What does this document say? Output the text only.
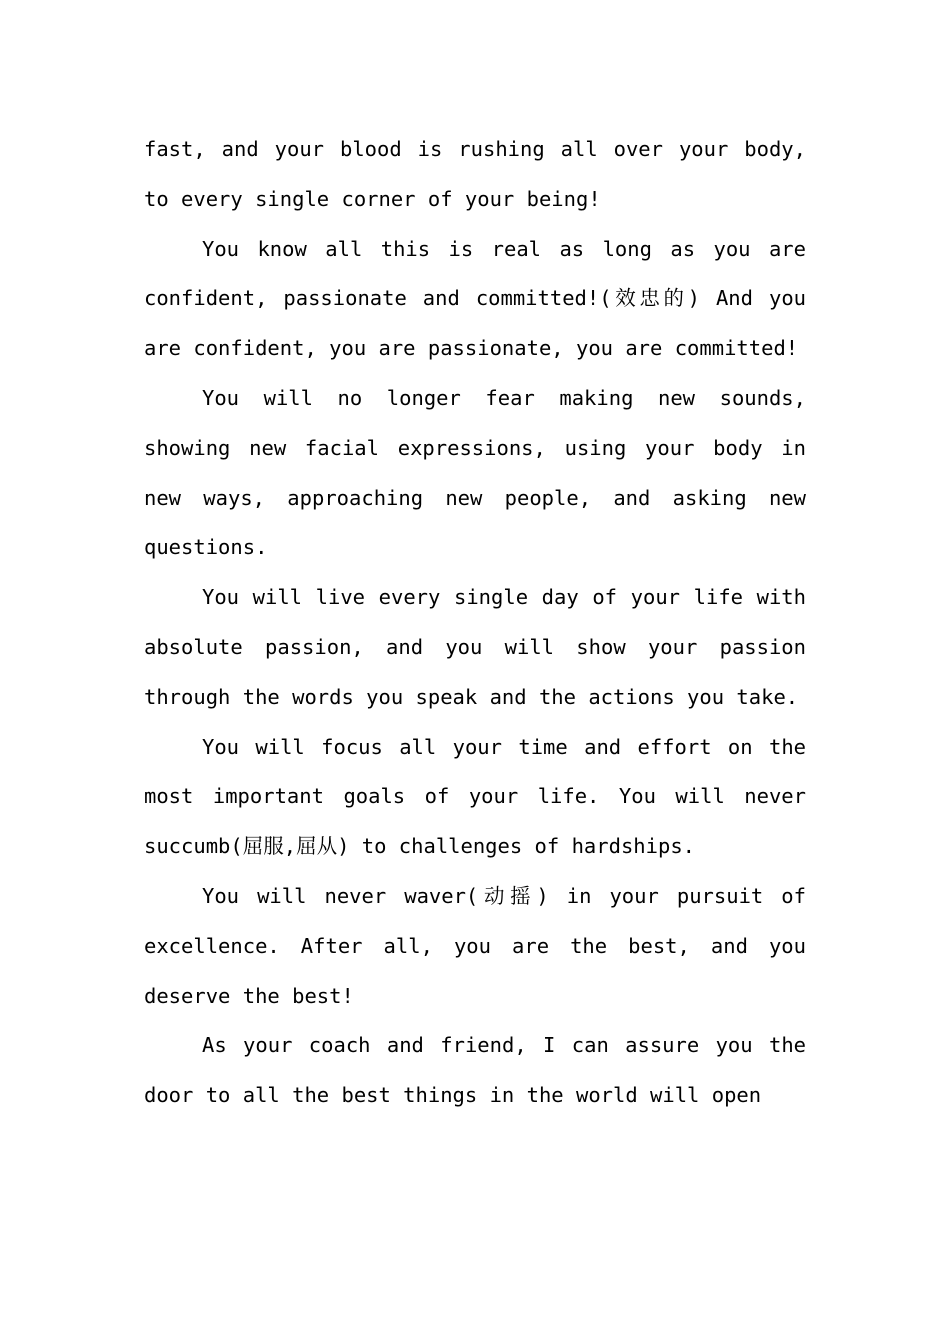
fast, and your blood is rushing all over your body, to every single corner of your being!

You know all this is real as long as you are confident, passionate and committed!(效忠的) And you are confident, you are passionate, you are committed!

You will no longer fear making new sounds, showing new facial expressions, using your body in new ways, approaching new people, and asking new questions.

You will live every single day of your life with absolute passion, and you will show your passion through the words you speak and the actions you take.

You will focus all your time and effort on the most important goals of your life. You will never succumb(屈服,屈从) to challenges of hardships.

You will never waver(动摇) in your pursuit of excellence. After all, you are the best, and you deserve the best!

As your coach and friend, I can assure you the door to all the best things in the world will open
